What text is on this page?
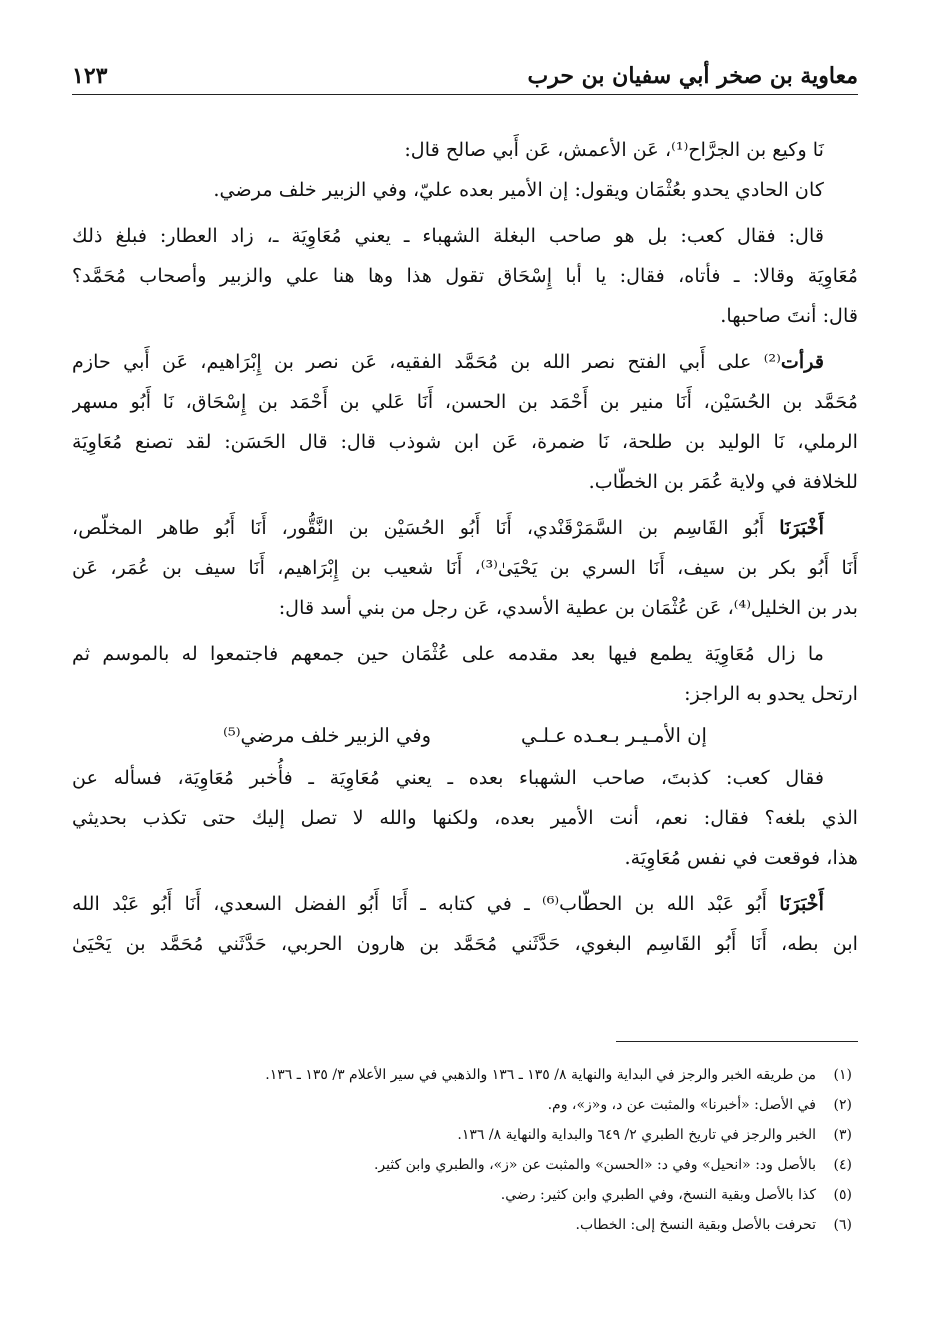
معاوية بن صخر أبي سفيان بن حرب
١٢٣
نَا وكيع بن الجرَّاح⁽¹⁾، عَن الأعمش، عَن أَبي صالح قال:
كان الحادي يحدو بعُثْمَان ويقول: إن الأمير بعده عليّ، وفي الزبير خلف مرضي.
قال: فقال كعب: بل هو صاحب البغلة الشهباء ـ يعني مُعَاوِيَة ـ، زاد العطار: فبلغ ذلك
مُعَاوِيَة وقالا: ـ فأتاه، فقال: يا أبا إِسْحَاق تقول هذا وها هنا علي والزبير وأصحاب مُحَمَّد؟
قال: أنتَ صاحبها.
قرأت⁽²⁾ على أَبي الفتح نصر الله بن مُحَمَّد الفقيه، عَن نصر بن إِبْرَاهيم، عَن أَبي حازم
مُحَمَّد بن الحُسَيْن، أَنَا منير بن أَحْمَد بن الحسن، أَنَا عَلي بن أَحْمَد بن إِسْحَاق، نَا أَبُو مسهر
الرملي، نَا الوليد بن طلحة، نَا ضمرة، عَن ابن شوذب قال: قال الحَسَن: لقد تصنع مُعَاوِيَة
للخلافة في ولاية عُمَر بن الخطّاب.
أَخْبَرَنَا أَبُو القَاسِم بن السَّمَرْقَنْدي، أَنَا أَبُو الحُسَيْن بن النَّقُّور، أَنَا أَبُو طاهر المخلّص،
أَنَا أَبُو بكر بن سيف، أَنَا السري بن يَحْيَىٰ⁽³⁾، أَنَا شعيب بن إِبْرَاهيم، أَنَا سيف بن عُمَر، عَن
بدر بن الخليل⁽⁴⁾، عَن عُثْمَان بن عطية الأسدي، عَن رجل من بني أسد قال:
ما زال مُعَاوِيَة يطمع فيها بعد مقدمه على عُثْمَان حين جمعهم فاجتمعوا له بالموسم ثم
ارتحل يحدو به الراجز:
إن الأمـيـر بـعـده عـلـي
وفي الزبير خلف مرضي⁽⁵⁾
فقال كعب: كذبتَ، صاحب الشهباء بعده ـ يعني مُعَاوِيَة ـ فأُخبر مُعَاوِيَة، فسأله عن
الذي بلغه؟ فقال: نعم، أنت الأمير بعده، ولكنها والله لا تصل إليك حتى تكذب بحديثي
هذا، فوقعت في نفس مُعَاوِيَة.
أَخْبَرَنَا أَبُو عَبْد الله بن الحطّاب⁽⁶⁾ ـ في كتابه ـ أَنَا أَبُو الفضل السعدي، أَنَا أَبُو عَبْد الله
ابن بطه، أَنَا أَبُو القَاسِم البغوي، حَدَّثَني مُحَمَّد بن هارون الحربي، حَدَّثَني مُحَمَّد بن يَحْيَىٰ
(١)
من طريقه الخبر والرجز في البداية والنهاية ٨/ ١٣٥ ـ ١٣٦ والذهبي في سير الأعلام ٣/ ١٣٥ ـ ١٣٦.
(٢)
في الأصل: «أخبرنا» والمثبت عن د، و«ز»، وم.
(٣)
الخبر والرجز في تاريخ الطبري ٢/ ٦٤٩ والبداية والنهاية ٨/ ١٣٦.
(٤)
بالأصل ود: «انحيل» وفي د: «الحسن» والمثبت عن «ز»، والطبري وابن كثير.
(٥)
كذا بالأصل وبقية النسخ، وفي الطبري وابن كثير: رضي.
(٦)
تحرفت بالأصل وبقية النسخ إلى: الخطاب.
